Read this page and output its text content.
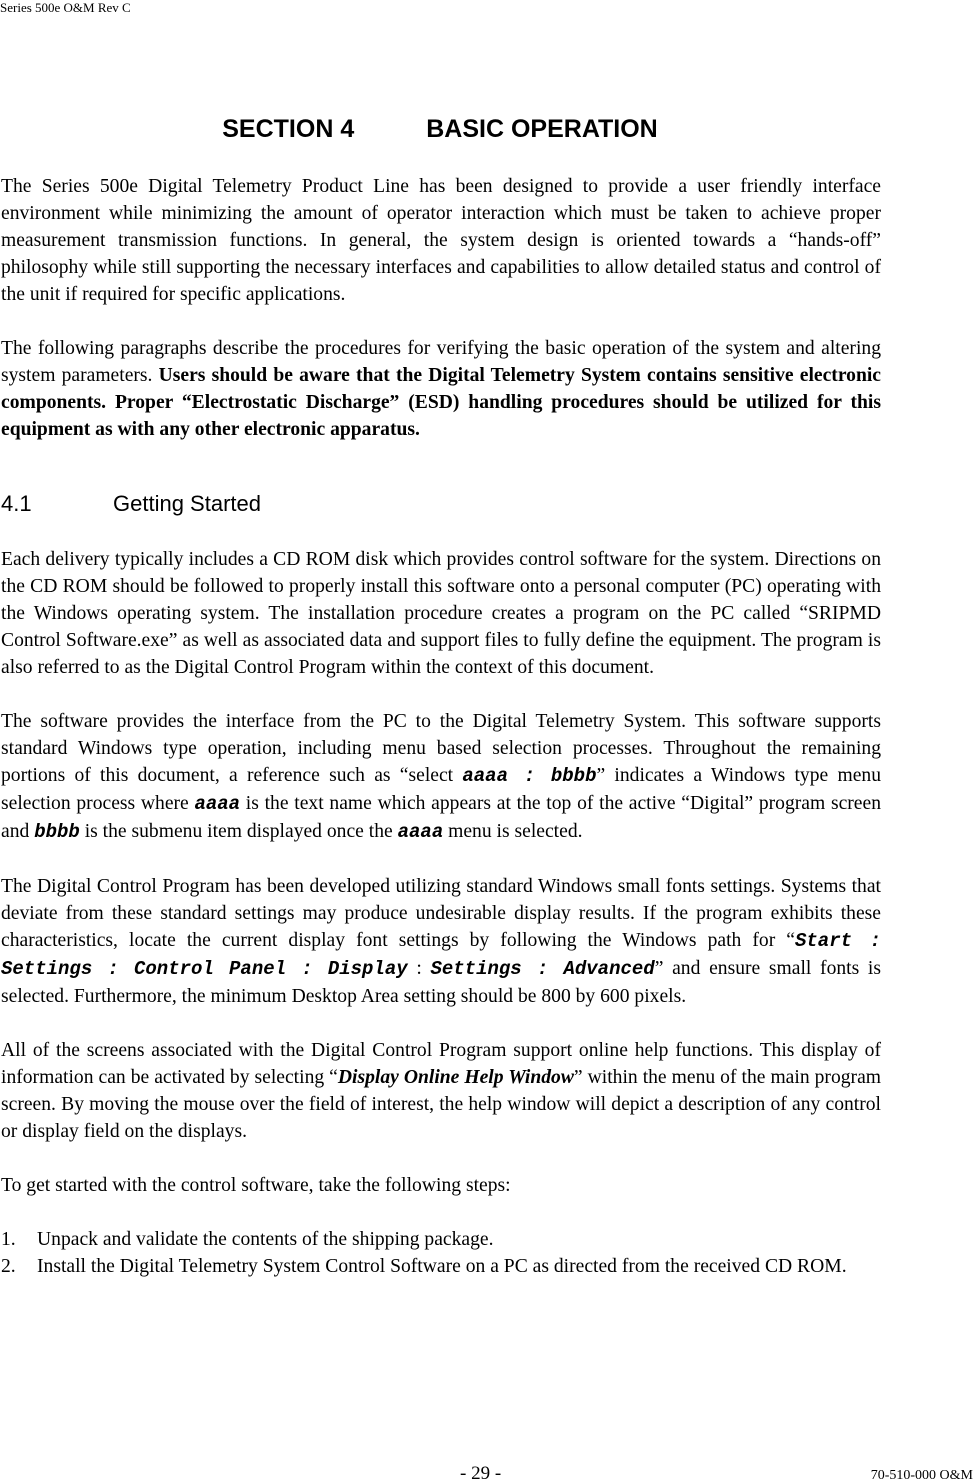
Series 500e O&M Rev C
SECTION 4	BASIC OPERATION

The Series 500e Digital Telemetry Product Line has been designed to provide a user friendly interface environment while minimizing the amount of operator interaction which must be taken to achieve proper measurement transmission functions. In general, the system design is oriented towards a “hands-off” philosophy while still supporting the necessary interfaces and capabilities to allow detailed status and control of the unit if required for specific applications.

The following paragraphs describe the procedures for verifying the basic operation of the system and altering system parameters. Users should be aware that the Digital Telemetry System contains sensitive electronic components. Proper “Electrostatic Discharge” (ESD) handling procedures should be utilized for this equipment as with any other electronic apparatus.

4.1	Getting Started

Each delivery typically includes a CD ROM disk which provides control software for the system. Directions on the CD ROM should be followed to properly install this software onto a personal computer (PC) operating with the Windows operating system. The installation procedure creates a program on the PC called “SRIPMD Control Software.exe” as well as associated data and support files to fully define the equipment. The program is also referred to as the Digital Control Program within the context of this document.

The software provides the interface from the PC to the Digital Telemetry System. This software supports standard Windows type operation, including menu based selection processes. Throughout the remaining portions of this document, a reference such as “select aaaa : bbbb” indicates a Windows type menu selection process where aaaa is the text name which appears at the top of the active “Digital” program screen and bbbb is the submenu item displayed once the aaaa menu is selected.

The Digital Control Program has been developed utilizing standard Windows small fonts settings. Systems that deviate from these standard settings may produce undesirable display results. If the program exhibits these characteristics, locate the current display font settings by following the Windows path for “Start : Settings : Control Panel : Display : Settings : Advanced” and ensure small fonts is selected. Furthermore, the minimum Desktop Area setting should be 800 by 600 pixels.

All of the screens associated with the Digital Control Program support online help functions. This display of information can be activated by selecting “Display Online Help Window” within the menu of the main program screen. By moving the mouse over the field of interest, the help window will depict a description of any control or display field on the displays.

To get started with the control software, take the following steps:

1. Unpack and validate the contents of the shipping package.
2. Install the Digital Telemetry System Control Software on a PC as directed from the received CD ROM.
- 29 -	70-510-000 O&M
